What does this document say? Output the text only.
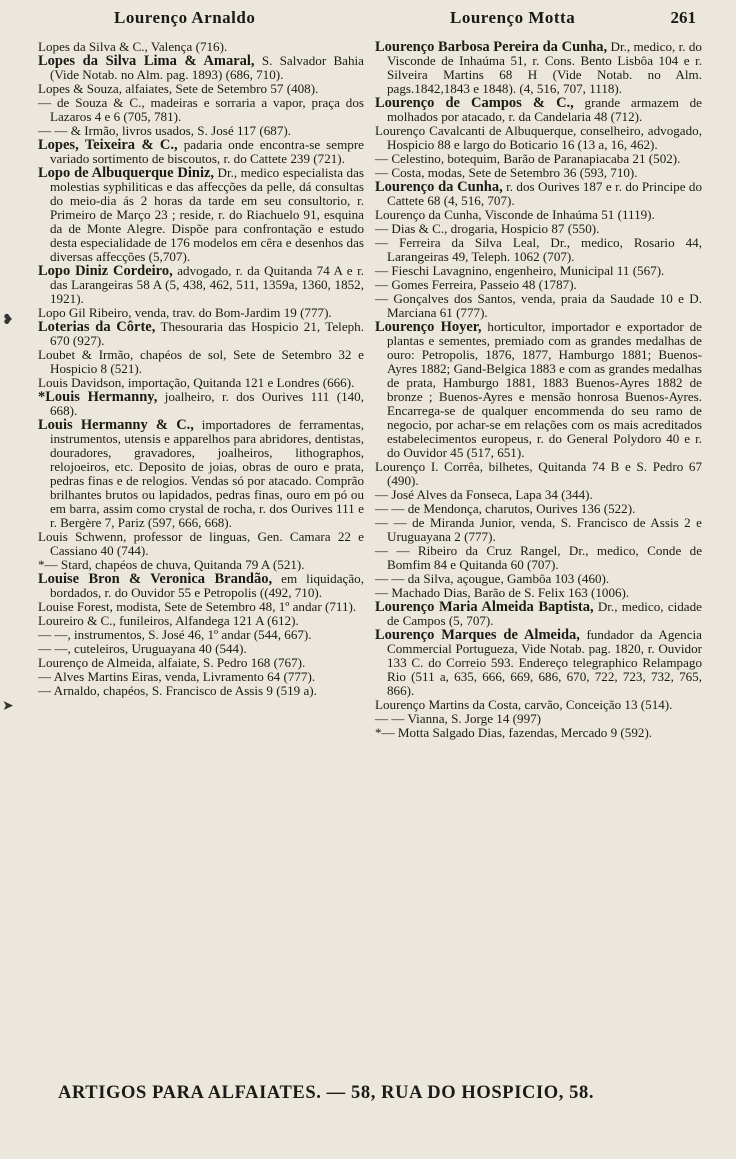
Lourenço Arnaldo	Lourenço Motta	261
❥
➤

Lopes da Silva & C., Valença (716).

Lopes da Silva Lima & Amaral, S. Salvador Bahia (Vide Notab. no Alm. pag. 1893) (686, 710).

Lopes & Souza, alfaiates, Sete de Setembro 57 (408).

— de Souza & C., madeiras e sorraria a vapor, praça dos Lazaros 4 e 6 (705, 781).

— — & Irmão, livros usados, S. José 117 (687).

Lopes, Teixeira & C., padaria onde encontra-se sempre variado sortimento de biscoutos, r. do Cattete 239 (721).

Lopo de Albuquerque Diniz, Dr., medico especialista das molestias syphiliticas e das affecções da pelle, dá consultas do meio-dia ás 2 horas da tarde em seu consultorio, r. Primeiro de Março 23 ; reside, r. do Riachuelo 91, esquina da de Monte Alegre. Dispõe para confrontação e estudo desta especialidade de 176 modelos em cêra e desenhos das diversas affecções (5,707).

Lopo Diniz Cordeiro, advogado, r. da Quitanda 74 A e r. das Larangeiras 58 A (5, 438, 462, 511, 1359a, 1360, 1852, 1921).

Lopo Gil Ribeiro, venda, trav. do Bom-Jardim 19 (777).

Loterias da Côrte, Thesouraria das Hospicio 21, Teleph. 670 (927).

Loubet & Irmão, chapéos de sol, Sete de Setembro 32 e Hospicio 8 (521).

Louis Davidson, importação, Quitanda 121 e Londres (666).

*Louis Hermanny, joalheiro, r. dos Ourives 111 (140, 668).

Louis Hermanny & C., importadores de ferramentas, instrumentos, utensis e apparelhos para abridores, dentistas, douradores, gravadores, joalheiros, lithographos, relojoeiros, etc. Deposito de joias, obras de ouro e prata, pedras finas e de relogios. Vendas só por atacado. Comprão brilhantes brutos ou lapidados, pedras finas, ouro em pó ou em barra, assim como crystal de rocha, r. dos Ourives 111 e r. Bergère 7, Pariz (597, 666, 668).

Louis Schwenn, professor de linguas, Gen. Camara 22 e Cassiano 40 (744).

*— Stard, chapéos de chuva, Quitanda 79 A (521).

Louise Bron & Veronica Brandão, em liquidação, bordados, r. do Ouvidor 55 e Petropolis ((492, 710).

Louise Forest, modista, Sete de Setembro 48, 1º andar (711).

Loureiro & C., funileiros, Alfandega 121 A (612).

— —, instrumentos, S. José 46, 1º andar (544, 667).

— —, cuteleiros, Uruguayana 40 (544).

Lourenço de Almeida, alfaiate, S. Pedro 168 (767).

— Alves Martins Eiras, venda, Livramento 64 (777).

— Arnaldo, chapéos, S. Francisco de Assis 9 (519 a).

Lourenço Barbosa Pereira da Cunha, Dr., medico, r. do Visconde de Inhaúma 51, r. Cons. Bento Lisbôa 104 e r. Silveira Martins 68 H (Vide Notab. no Alm. pags.1842,1843 e 1848). (4, 516, 707, 1118).

Lourenço de Campos & C., grande armazem de molhados por atacado, r. da Candelaria 48 (712).

Lourenço Cavalcanti de Albuquerque, conselheiro, advogado, Hospicio 88 e largo do Boticario 16 (13 a, 16, 462).

— Celestino, botequim, Barão de Paranapiacaba 21 (502).

— Costa, modas, Sete de Setembro 36 (593, 710).

Lourenço da Cunha, r. dos Ourives 187 e r. do Principe do Cattete 68 (4, 516, 707).

Lourenço da Cunha, Visconde de Inhaúma 51 (1119).

— Dias & C., drogaria, Hospicio 87 (550).

— Ferreira da Silva Leal, Dr., medico, Rosario 44, Larangeiras 49, Teleph. 1062 (707).

— Fieschi Lavagnino, engenheiro, Municipal 11 (567).

— Gomes Ferreira, Passeio 48 (1787).

— Gonçalves dos Santos, venda, praia da Saudade 10 e D. Marciana 61 (777).

Lourenço Hoyer, horticultor, importador e exportador de plantas e sementes, premiado com as grandes medalhas de ouro: Petropolis, 1876, 1877, Hamburgo 1881; Buenos-Ayres 1882; Gand-Belgica 1883 e com as grandes medalhas de prata, Hamburgo 1881, 1883 Buenos-Ayres 1882 de bronze ; Buenos-Ayres e mensão honrosa Buenos-Ayres. Encarrega-se de qualquer encommenda do seu ramo de negocio, por achar-se em relações com os mais acreditados estabelecimentos europeus, r. do General Polydoro 40 e r. do Ouvidor 45 (517, 651).

Lourenço I. Corrêa, bilhetes, Quitanda 74 B e S. Pedro 67 (490).

— José Alves da Fonseca, Lapa 34 (344).

— — de Mendonça, charutos, Ourives 136 (522).

— — de Miranda Junior, venda, S. Francisco de Assis 2 e Uruguayana 2 (777).

— — Ribeiro da Cruz Rangel, Dr., medico, Conde de Bomfim 84 e Quitanda 60 (707).

— — da Silva, açougue, Gambôa 103 (460).

— Machado Dias, Barão de S. Felix 163 (1006).

Lourenço Maria Almeida Baptista, Dr., medico, cidade de Campos (5, 707).

Lourenço Marques de Almeida, fundador da Agencia Commercial Portugueza, Vide Notab. pag. 1820, r. Ouvidor 133 C. do Correio 593. Endereço telegraphico Relampago Rio (511 a, 635, 666, 669, 686, 670, 722, 723, 732, 765, 866).

Lourenço Martins da Costa, carvão, Conceição 13 (514).

— — Vianna, S. Jorge 14 (997)

*— Motta Salgado Dias, fazendas, Mercado 9 (592).

ARTIGOS PARA ALFAIATES. — 58, RUA DO HOSPICIO, 58.
